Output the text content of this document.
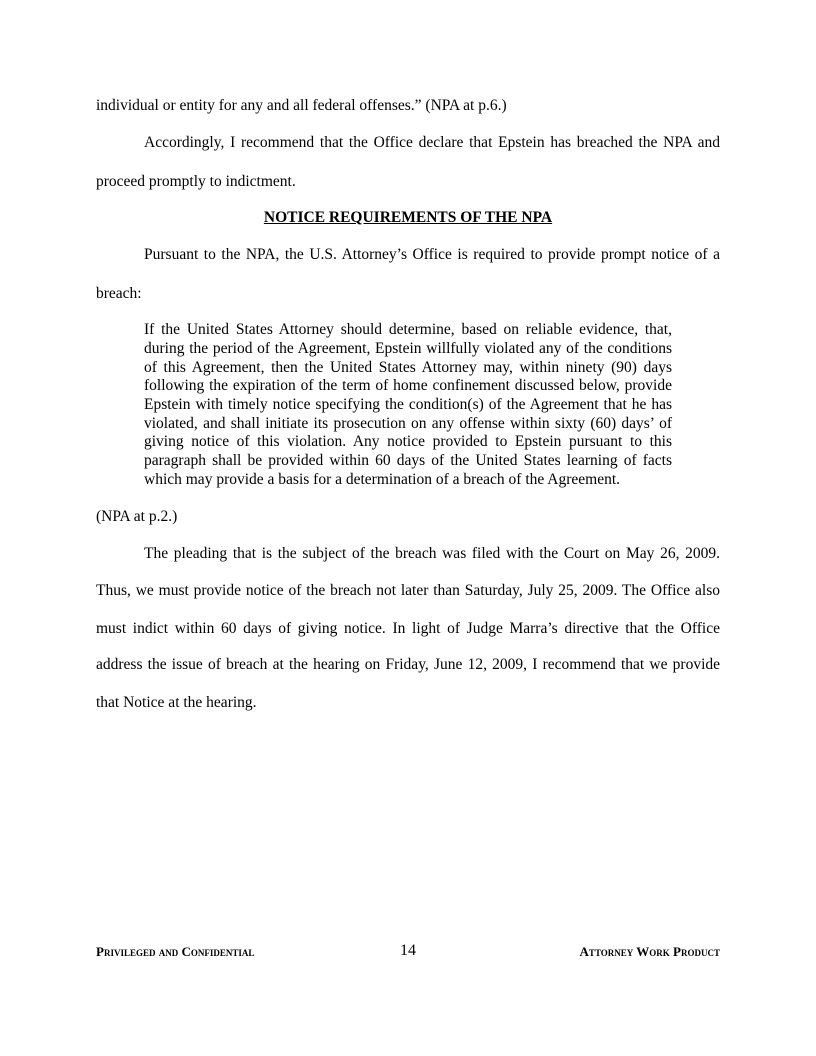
individual or entity for any and all federal offenses.” (NPA at p.6.)
Accordingly, I recommend that the Office declare that Epstein has breached the NPA and
proceed promptly to indictment.
NOTICE REQUIREMENTS OF THE NPA
Pursuant to the NPA, the U.S. Attorney’s Office is required to provide prompt notice of a
breach:
If the United States Attorney should determine, based on reliable evidence, that,
during the period of the Agreement, Epstein willfully violated any of the conditions
of this Agreement, then the United States Attorney may, within ninety (90) days
following the expiration of the term of home confinement discussed below, provide
Epstein with timely notice specifying the condition(s) of the Agreement that he has
violated, and shall initiate its prosecution on any offense within sixty (60) days’ of
giving notice of this violation. Any notice provided to Epstein pursuant to this
paragraph shall be provided within 60 days of the United States learning of facts
which may provide a basis for a determination of a breach of the Agreement.
(NPA at p.2.)
The pleading that is the subject of the breach was filed with the Court on May 26, 2009.
Thus, we must provide notice of the breach not later than Saturday, July 25, 2009. The Office also
must indict within 60 days of giving notice. In light of Judge Marra’s directive that the Office
address the issue of breach at the hearing on Friday, June 12, 2009, I recommend that we provide
that Notice at the hearing.
Privileged and Confidential	14	Attorney Work Product
